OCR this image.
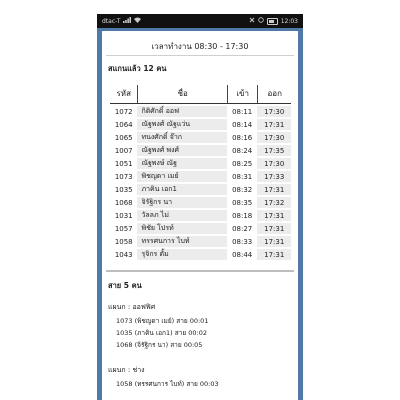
dtac-T	12:03
เวลาทำงาน 08:30 - 17:30
สแกนแล้ว 12 คน
รหัส	ชื่อ	เข้า	ออก
1072	กิติศักดิ์ ออฟ	08:11	17:30
1064	ณัฐพงศ์ ณัฐแว่น	08:14	17:31
1065	ทนงศักดิ์ จ๊าก	08:16	17:30
1007	ณัฐพงศ์ พงศ์	08:24	17:35
1051	ณัฐพงษ์ ณัฐ	08:25	17:30
1073	พิชญดา เมย์	08:31	17:33
1035	ภาคิน เอก1	08:32	17:31
1068	จิรัฐิกร นา	08:35	17:32
1031	วัลลภ ไม่	08:18	17:31
1057	พิชัย โปรท์	08:27	17:31
1058	ทรรศนการ ไบท์	08:33	17:31
1043	รุจิกร ตั้ม	08:44	17:31
สาย 5 คน
แผนก : ออฟฟิศ
1073 (พิชญดา เมย์) สาย 00:01
1035 (ภาคิน เอก1) สาย 00:02
1068 (จิรัฐิกร นา) สาย 00:05
แผนก : ช่าง
1058 (ทรรศนการ ไบท์) สาย 00:03
